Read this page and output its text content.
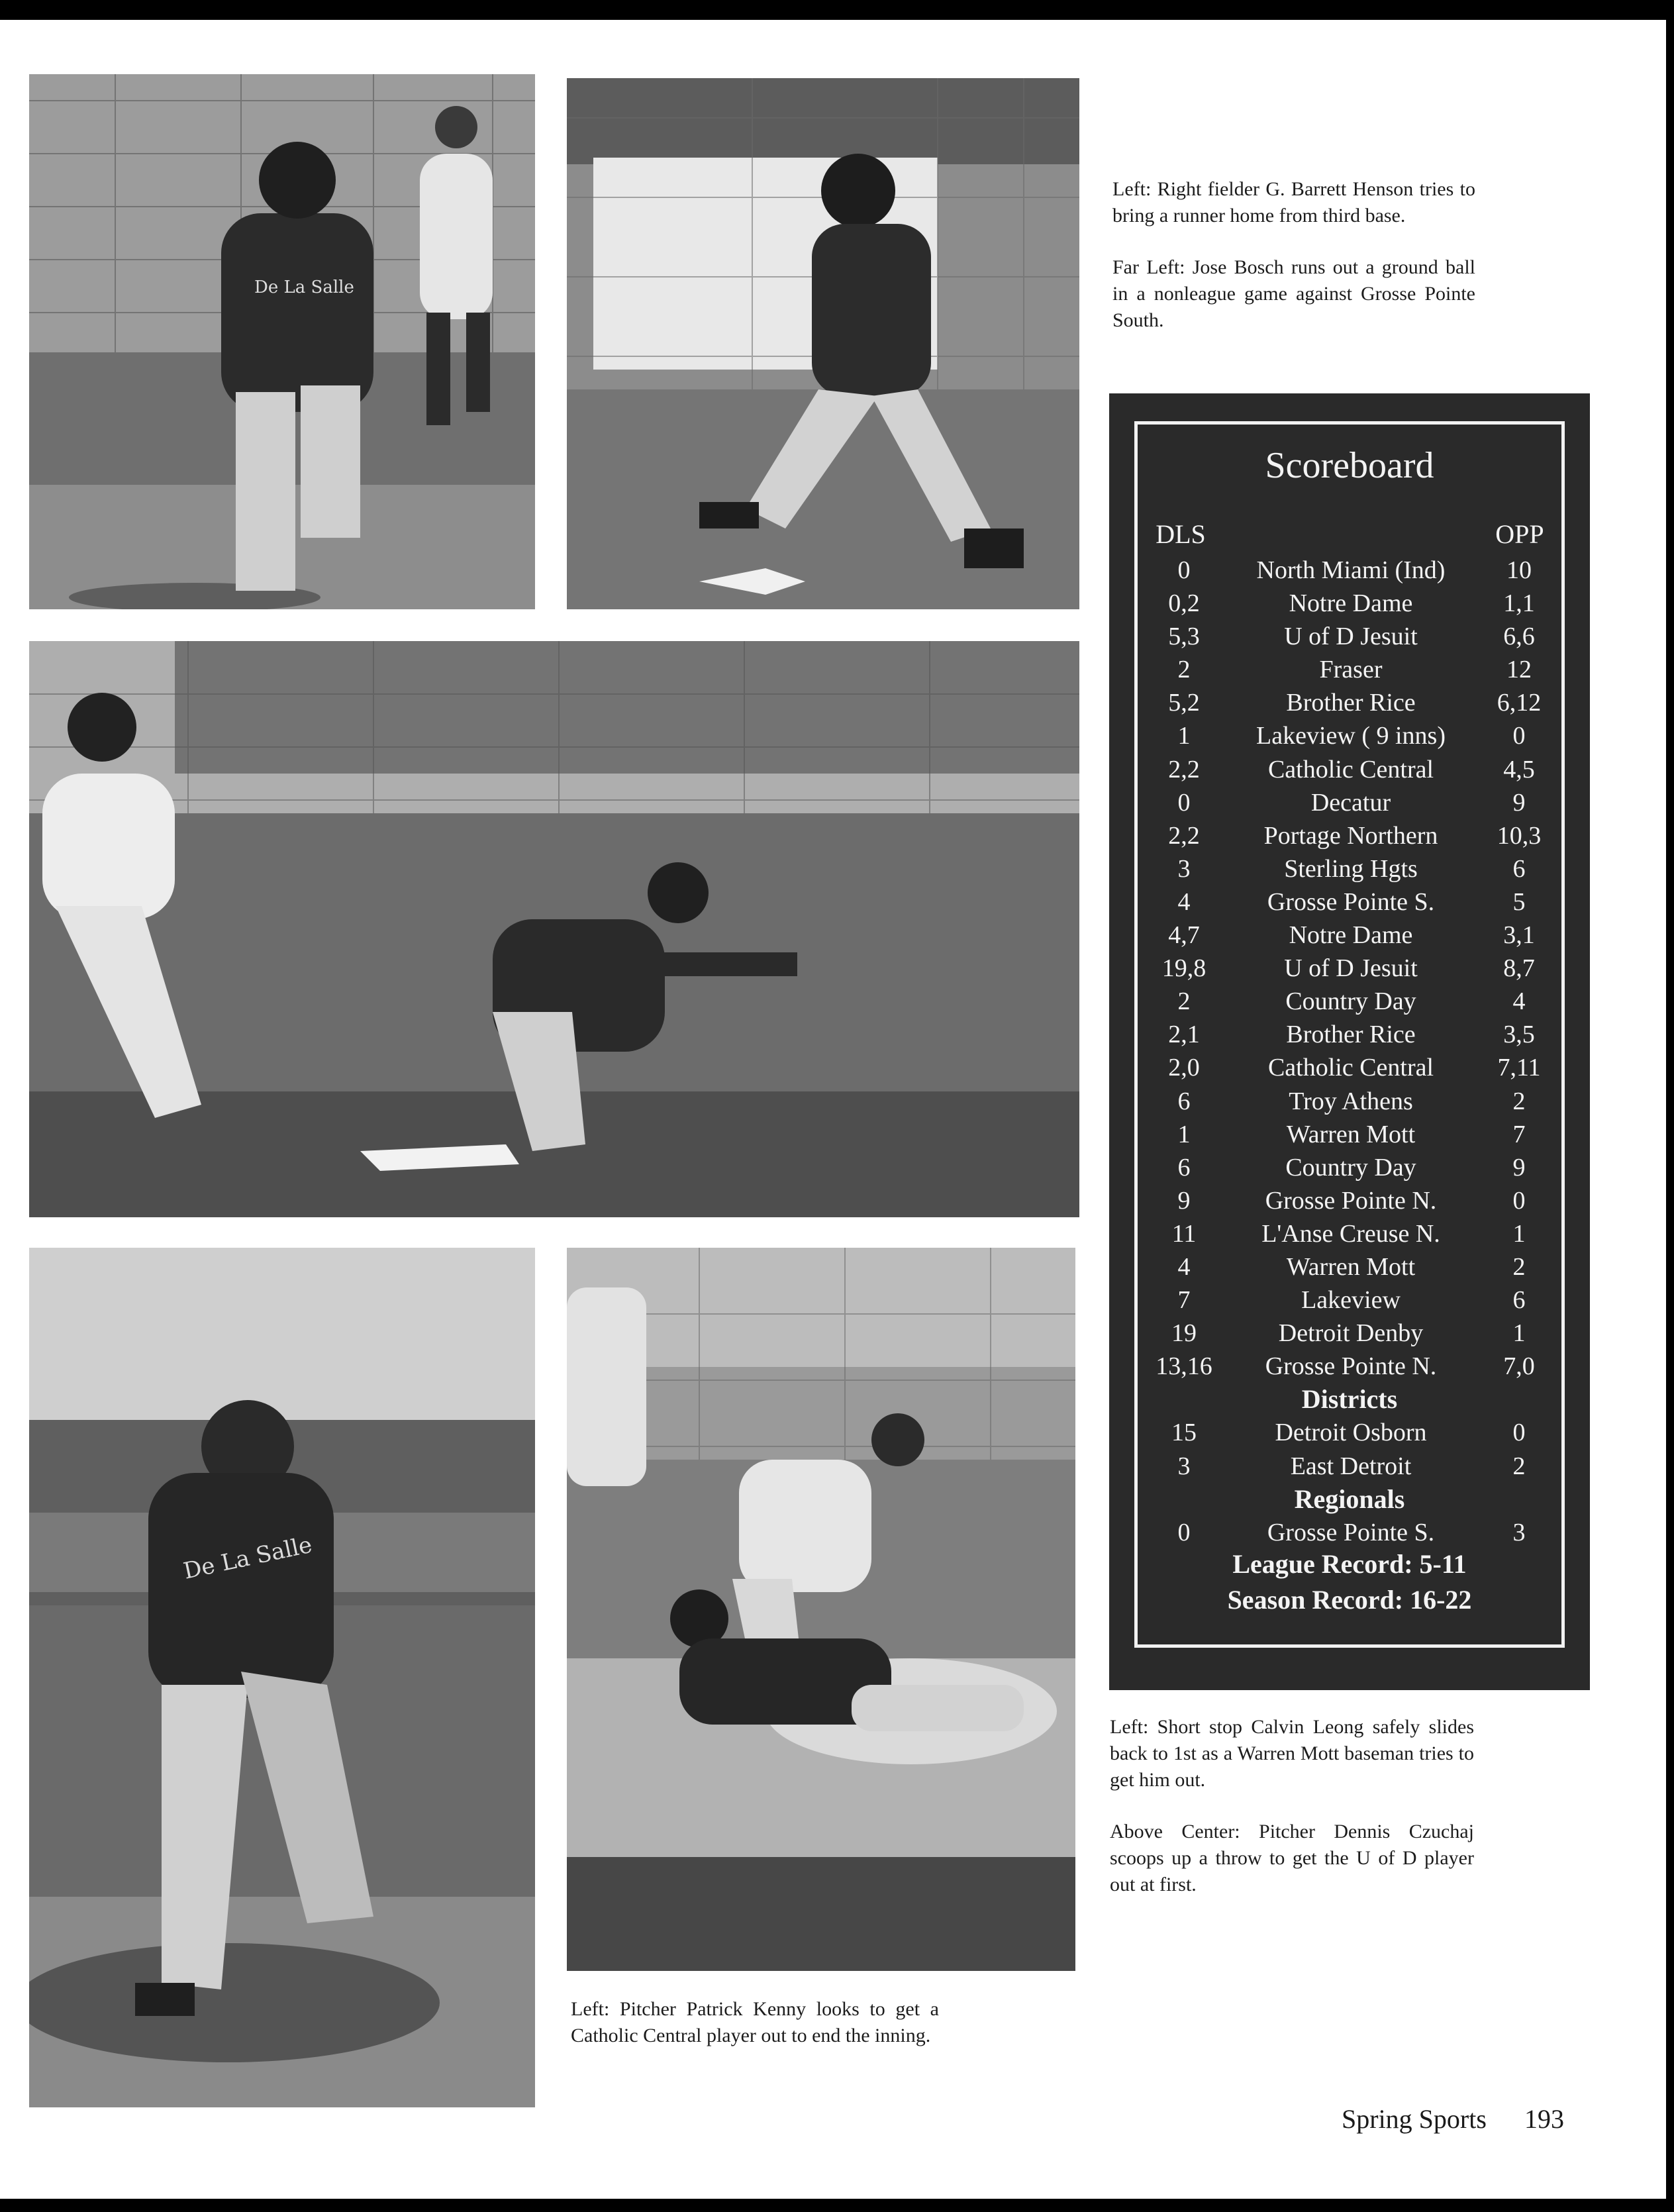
De La Salle
De La Salle

Left: Right fielder G. Barrett Henson tries to bring a runner home from third base.

Far Left: Jose Bosch runs out a ground ball in a nonleague game against Grosse Pointe South.

Left: Short stop Calvin Leong safely slides back to 1st as a Warren Mott baseman tries to get him out.

Above Center: Pitcher Dennis Czuchaj scoops up a throw to get the U of D player out at first.

Left: Pitcher Patrick Kenny looks to get a Catholic Central player out to end the inning.

Scoreboard
DLS	OPP
0	North Miami (Ind)	10
0,2	Notre Dame	1,1
5,3	U of D Jesuit	6,6
2	Fraser	12
5,2	Brother Rice	6,12
1	Lakeview ( 9 inns)	0
2,2	Catholic Central	4,5
0	Decatur	9
2,2	Portage Northern	10,3
3	Sterling Hgts	6
4	Grosse Pointe S.	5
4,7	Notre Dame	3,1
19,8	U of D Jesuit	8,7
2	Country Day	4
2,1	Brother Rice	3,5
2,0	Catholic Central	7,11
6	Troy Athens	2
1	Warren Mott	7
6	Country Day	9
9	Grosse Pointe N.	0
11	L'Anse Creuse N.	1
4	Warren Mott	2
7	Lakeview	6
19	Detroit Denby	1
13,16	Grosse Pointe N.	7,0
Districts
15	Detroit Osborn	0
3	East Detroit	2
Regionals
0	Grosse Pointe S.	3
League Record: 5-11
Season Record: 16-22
Spring Sports	193
